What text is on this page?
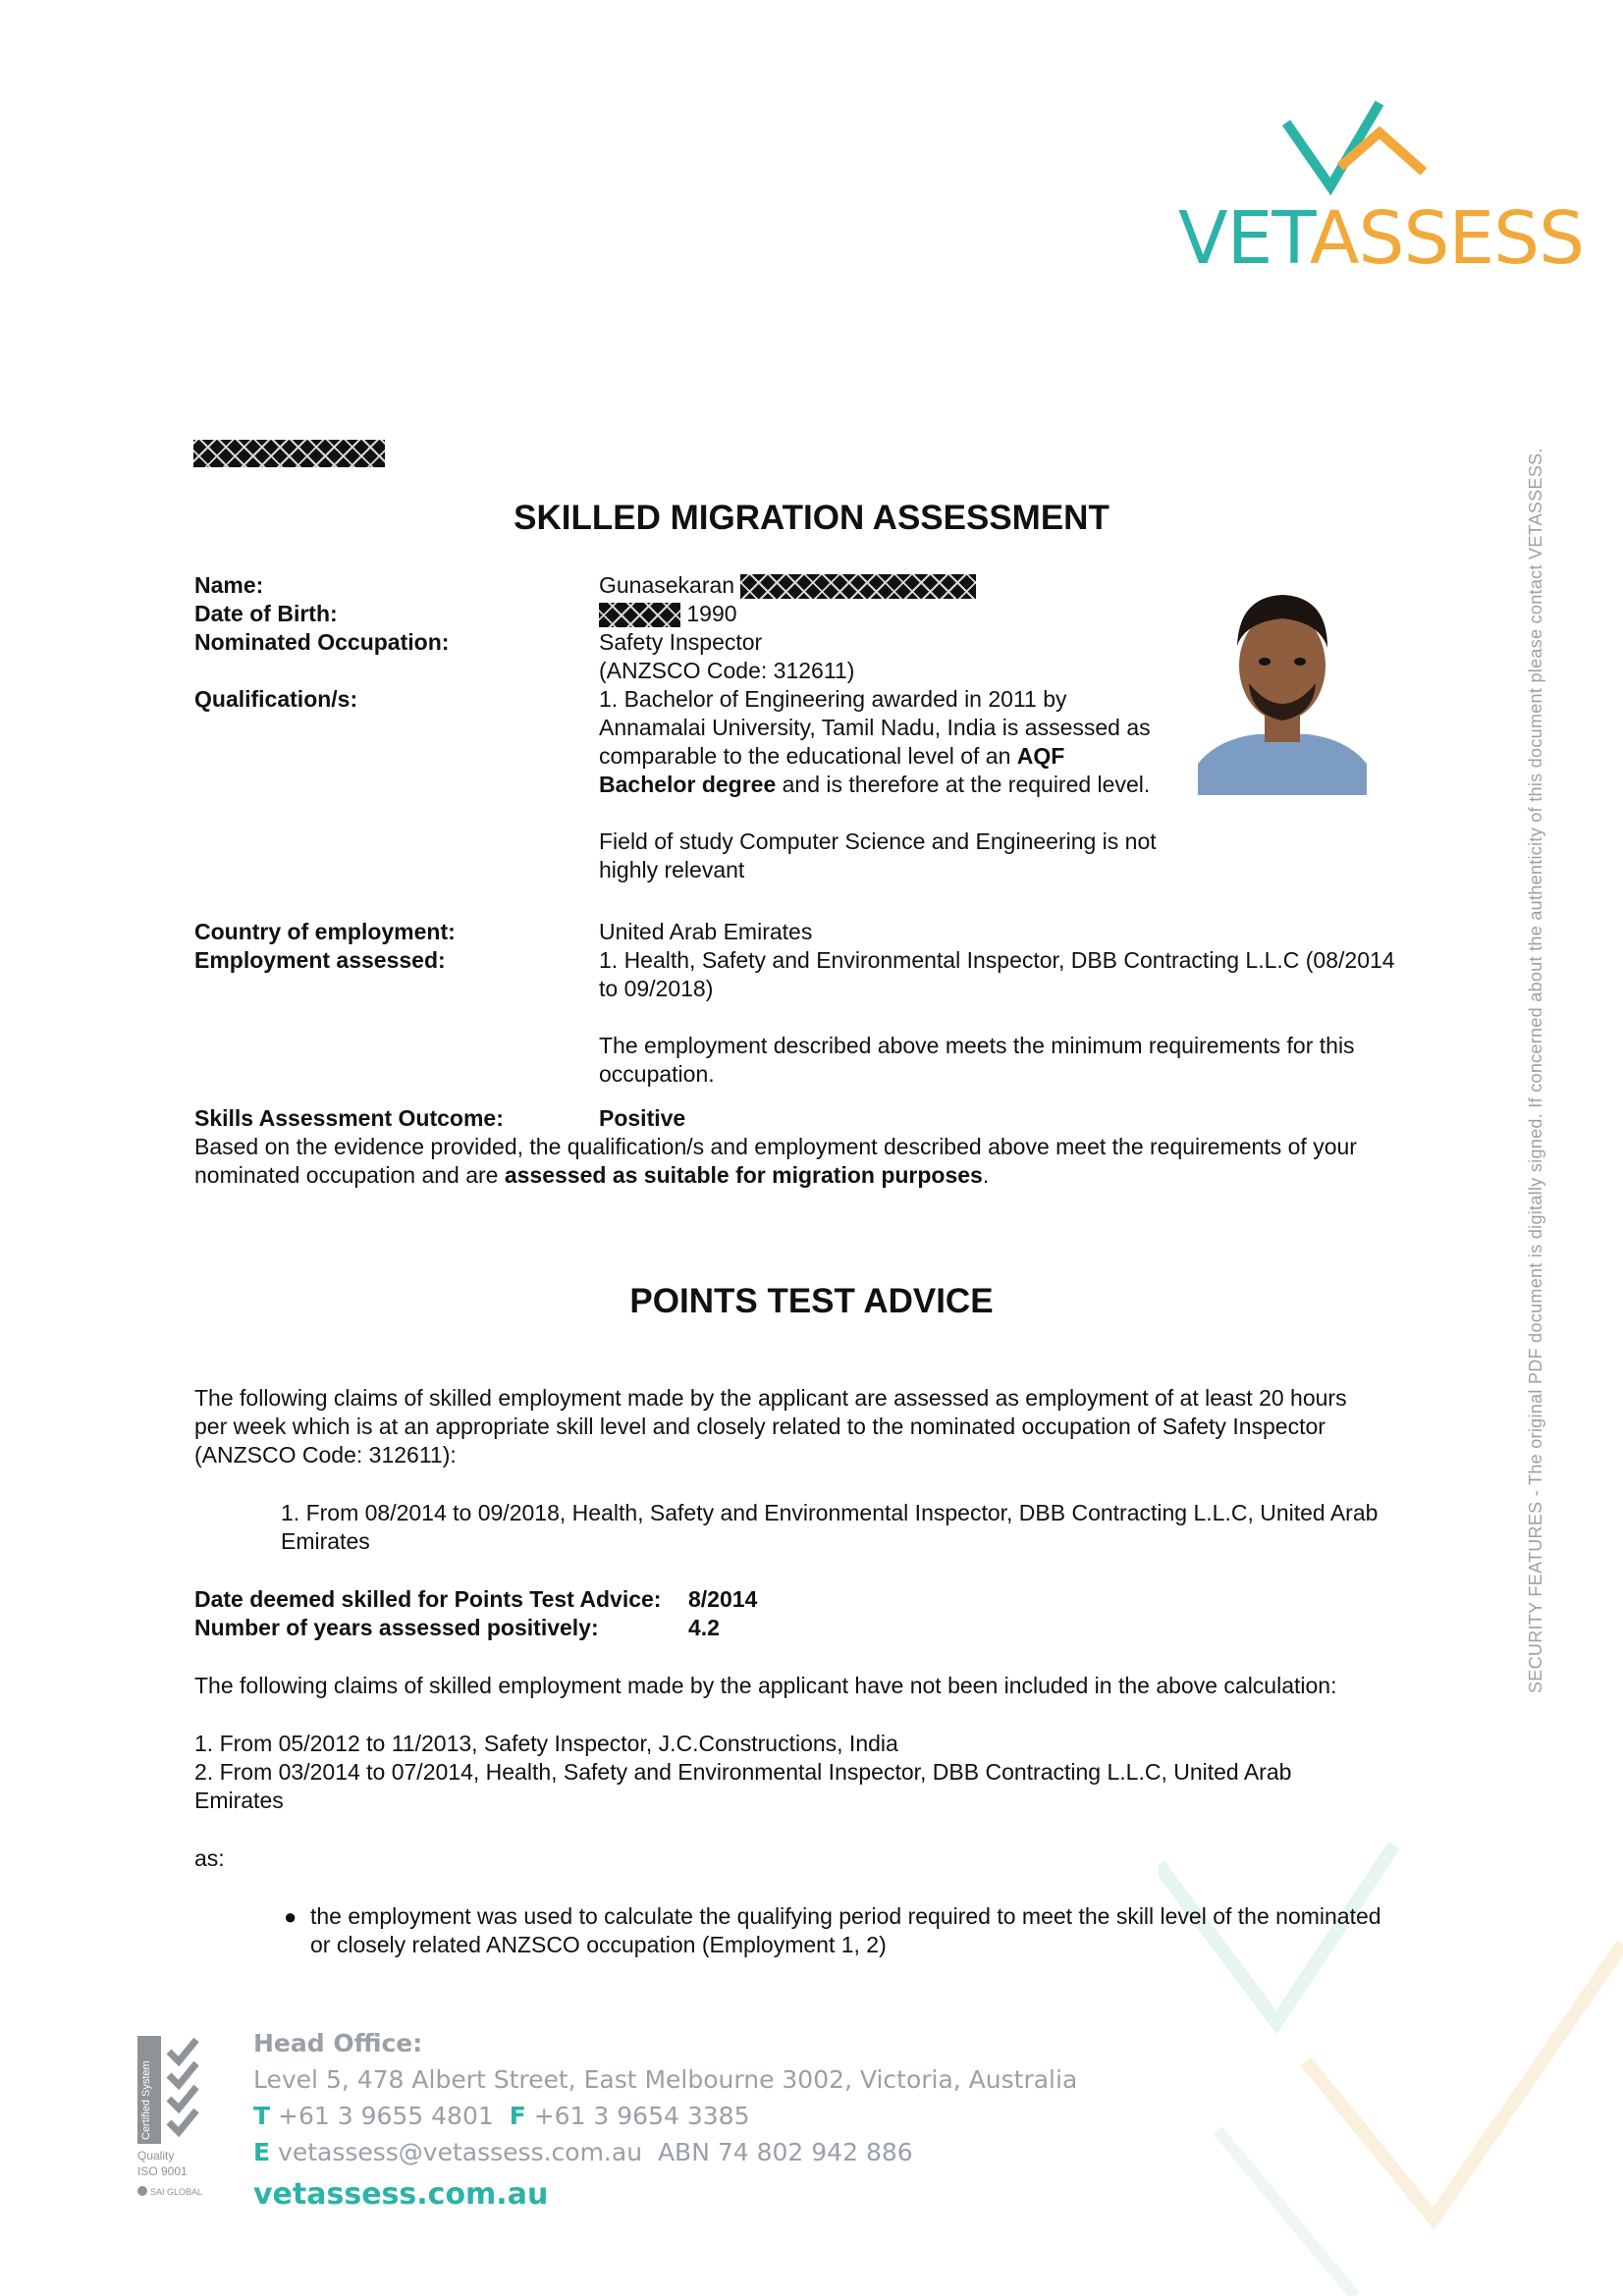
VETASSESS
SECURITY FEATURES - The original PDF document is digitally signed. If concerned about the authenticity of this document please contact VETASSESS.
SKILLED MIGRATION ASSESSMENT
Name:	Gunasekaran
Date of Birth:	1990
Nominated Occupation:	Safety Inspector
(ANZSCO Code: 312611)
Qualification/s:	1. Bachelor of Engineering awarded in 2011 by
Annamalai University, Tamil Nadu, India is assessed as
comparable to the educational level of an AQF
Bachelor degree and is therefore at the required level.
Field of study Computer Science and Engineering is not
highly relevant
Country of employment:	United Arab Emirates
Employment assessed:	1. Health, Safety and Environmental Inspector, DBB Contracting L.L.C (08/2014
to 09/2018)
The employment described above meets the minimum requirements for this
occupation.
Skills Assessment Outcome:	Positive
Based on the evidence provided, the qualification/s and employment described above meet the requirements of your
nominated occupation and are assessed as suitable for migration purposes.
POINTS TEST ADVICE
The following claims of skilled employment made by the applicant are assessed as employment of at least 20 hours
per week which is at an appropriate skill level and closely related to the nominated occupation of Safety Inspector
(ANZSCO Code: 312611):
1. From 08/2014 to 09/2018, Health, Safety and Environmental Inspector, DBB Contracting L.L.C, United Arab
Emirates
Date deemed skilled for Points Test Advice: 8/2014
Number of years assessed positively:	4.2
The following claims of skilled employment made by the applicant have not been included in the above calculation:
1. From 05/2012 to 11/2013, Safety Inspector, J.C.Constructions, India
2. From 03/2014 to 07/2014, Health, Safety and Environmental Inspector, DBB Contracting L.L.C, United Arab
Emirates
as:
● the employment was used to calculate the qualifying period required to meet the skill level of the nominated
or closely related ANZSCO occupation (Employment 1, 2)
Certified System
Quality
ISO 9001
SAI GLOBAL
Head Office:
Level 5, 478 Albert Street, East Melbourne 3002, Victoria, Australia
T +61 3 9655 4801 F +61 3 9654 3385
E vetassess@vetassess.com.au ABN 74 802 942 886
vetassess.com.au
